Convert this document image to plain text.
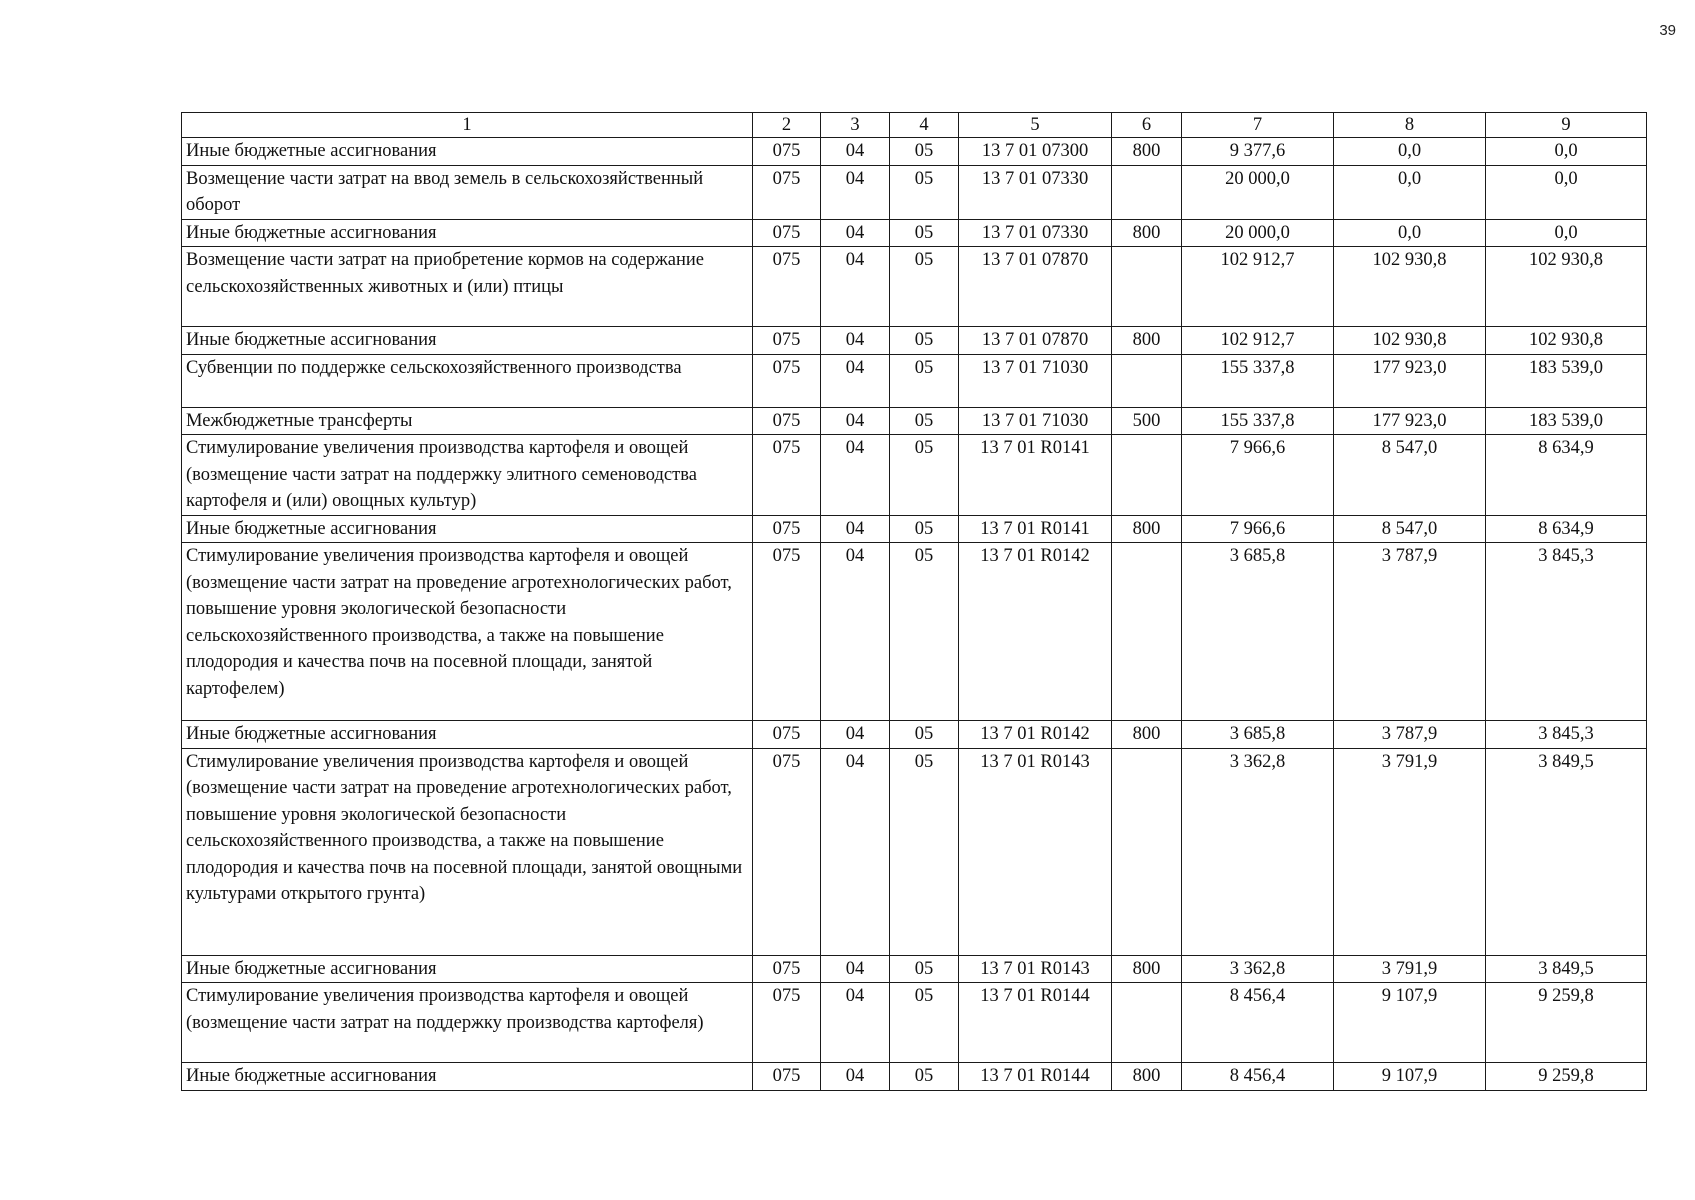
39
1	2	3	4	5	6	7	8	9
Иные бюджетные ассигнования	075	04	05	13 7 01 07300	800	9 377,6	0,0	0,0
Возмещение части затрат на ввод земель в сельскохозяйственный оборот	075	04	05	13 7 01 07330		20 000,0	0,0	0,0
Иные бюджетные ассигнования	075	04	05	13 7 01 07330	800	20 000,0	0,0	0,0
Возмещение части затрат на приобретение кормов на содержание сельскохозяйственных животных и (или) птицы	075	04	05	13 7 01 07870		102 912,7	102 930,8	102 930,8
Иные бюджетные ассигнования	075	04	05	13 7 01 07870	800	102 912,7	102 930,8	102 930,8
Субвенции по поддержке сельскохозяйственного производства	075	04	05	13 7 01 71030		155 337,8	177 923,0	183 539,0
Межбюджетные трансферты	075	04	05	13 7 01 71030	500	155 337,8	177 923,0	183 539,0
Стимулирование увеличения производства картофеля и овощей (возмещение части затрат на поддержку элитного семеноводства картофеля и (или) овощных культур)	075	04	05	13 7 01 R0141		7 966,6	8 547,0	8 634,9
Иные бюджетные ассигнования	075	04	05	13 7 01 R0141	800	7 966,6	8 547,0	8 634,9
Стимулирование увеличения производства картофеля и овощей (возмещение части затрат на проведение агротехнологических работ, повышение уровня экологической безопасности сельскохозяйственного производства, а также на повышение плодородия и качества почв на посевной площади, занятой картофелем)	075	04	05	13 7 01 R0142		3 685,8	3 787,9	3 845,3
Иные бюджетные ассигнования	075	04	05	13 7 01 R0142	800	3 685,8	3 787,9	3 845,3
Стимулирование увеличения производства картофеля и овощей (возмещение части затрат на проведение агротехнологических работ, повышение уровня экологической безопасности сельскохозяйственного производства, а также на повышение плодородия и качества почв на посевной площади, занятой овощными культурами открытого грунта)	075	04	05	13 7 01 R0143		3 362,8	3 791,9	3 849,5
Иные бюджетные ассигнования	075	04	05	13 7 01 R0143	800	3 362,8	3 791,9	3 849,5
Стимулирование увеличения производства картофеля и овощей (возмещение части затрат на поддержку производства картофеля)	075	04	05	13 7 01 R0144		8 456,4	9 107,9	9 259,8
Иные бюджетные ассигнования	075	04	05	13 7 01 R0144	800	8 456,4	9 107,9	9 259,8
